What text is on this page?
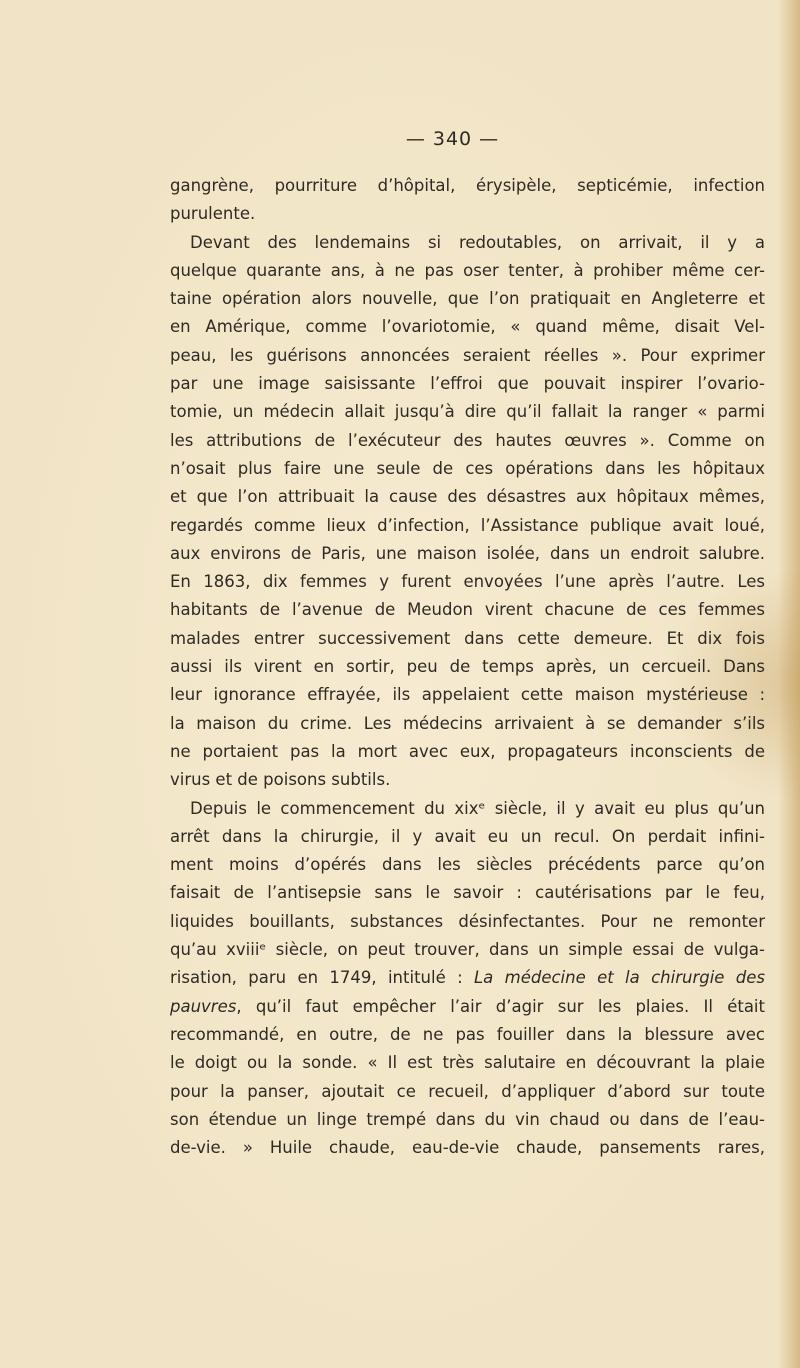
— 340 —
gangrène, pourriture d’hôpital, érysipèle, septicémie, infection
purulente.
Devant des lendemains si redoutables, on arrivait, il y a
quelque quarante ans, à ne pas oser tenter, à prohiber même cer-
taine opération alors nouvelle, que l’on pratiquait en Angleterre et
en Amérique, comme l’ovariotomie, « quand même, disait Vel-
peau, les guérisons annoncées seraient réelles ». Pour exprimer
par une image saisissante l’effroi que pouvait inspirer l’ovario-
tomie, un médecin allait jusqu’à dire qu’il fallait la ranger « parmi
les attributions de l’exécuteur des hautes œuvres ». Comme on
n’osait plus faire une seule de ces opérations dans les hôpitaux
et que l’on attribuait la cause des désastres aux hôpitaux mêmes,
regardés comme lieux d’infection, l’Assistance publique avait loué,
aux environs de Paris, une maison isolée, dans un endroit salubre.
En 1863, dix femmes y furent envoyées l’une après l’autre. Les
habitants de l’avenue de Meudon virent chacune de ces femmes
malades entrer successivement dans cette demeure. Et dix fois
aussi ils virent en sortir, peu de temps après, un cercueil. Dans
leur ignorance effrayée, ils appelaient cette maison mystérieuse :
la maison du crime. Les médecins arrivaient à se demander s’ils
ne portaient pas la mort avec eux, propagateurs inconscients de
virus et de poisons subtils.
Depuis le commencement du xixᵉ siècle, il y avait eu plus qu’un
arrêt dans la chirurgie, il y avait eu un recul. On perdait infini-
ment moins d’opérés dans les siècles précédents parce qu’on
faisait de l’antisepsie sans le savoir : cautérisations par le feu,
liquides bouillants, substances désinfectantes. Pour ne remonter
qu’au xviiiᵉ siècle, on peut trouver, dans un simple essai de vulga-
risation, paru en 1749, intitulé : La médecine et la chirurgie des
pauvres, qu’il faut empêcher l’air d’agir sur les plaies. Il était
recommandé, en outre, de ne pas fouiller dans la blessure avec
le doigt ou la sonde. « Il est très salutaire en découvrant la plaie
pour la panser, ajoutait ce recueil, d’appliquer d’abord sur toute
son étendue un linge trempé dans du vin chaud ou dans de l’eau-
de-vie. » Huile chaude, eau-de-vie chaude, pansements rares,
